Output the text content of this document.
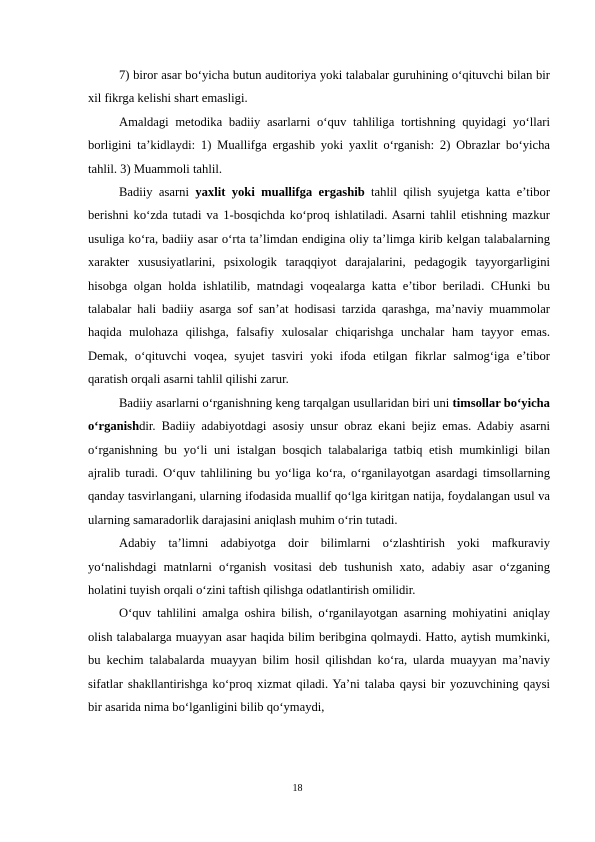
7) biror asar bo‘yicha butun auditoriya yoki talabalar guruhining o‘qituvchi bilan bir xil fikrga kelishi shart emasligi.

Amaldagi metodika badiiy asarlarni o‘quv tahliliga tortishning quyidagi yo‘llari borligini ta’kidlaydi: 1) Muallifga ergashib yoki yaxlit o‘rganish: 2) Obrazlar bo‘yicha tahlil. 3) Muammoli tahlil.

Badiiy asarni yaxlit yoki muallifga ergashib tahlil qilish syujetga katta e’tibor berishni ko‘zda tutadi va 1-bosqichda ko‘proq ishlatiladi. Asarni tahlil etishning mazkur usuliga ko‘ra, badiiy asar o‘rta ta’limdan endigina oliy ta’limga kirib kelgan talabalarning xarakter xususiyatlarini, psixologik taraqqiyot darajalarini, pedagogik tayyorgarligini hisobga olgan holda ishlatilib, matndagi voqealarga katta e’tibor beriladi. CHunki bu talabalar hali badiiy asarga sof san’at hodisasi tarzida qarashga, ma’naviy muammolar haqida mulohaza qilishga, falsafiy xulosalar chiqarishga unchalar ham tayyor emas. Demak, o‘qituvchi voqea, syujet tasviri yoki ifoda etilgan fikrlar salmog‘iga e’tibor qaratish orqali asarni tahlil qilishi zarur.

Badiiy asarlarni o‘rganishning keng tarqalgan usullaridan biri uni timsollar bo‘yicha o‘rganishdir. Badiiy adabiyotdagi asosiy unsur obraz ekani bejiz emas. Adabiy asarni o‘rganishning bu yo‘li uni istalgan bosqich talabalariga tatbiq etish mumkinligi bilan ajralib turadi. O‘quv tahlilining bu yo‘liga ko‘ra, o‘rganilayotgan asardagi timsollarning qanday tasvirlangani, ularning ifodasida muallif qo‘lga kiritgan natija, foydalangan usul va ularning samaradorlik darajasini aniqlash muhim o‘rin tutadi.

Adabiy ta’limni adabiyotga doir bilimlarni o‘zlashtirish yoki mafkuraviy yo‘nalishdagi matnlarni o‘rganish vositasi deb tushunish xato, adabiy asar o‘zganing holatini tuyish orqali o‘zini taftish qilishga odatlantirish omilidir.

O‘quv tahlilini amalga oshira bilish, o‘rganilayotgan asarning mohiyatini aniqlay olish talabalarga muayyan asar haqida bilim beribgina qolmaydi. Hatto, aytish mumkinki, bu kechim talabalarda muayyan bilim hosil qilishdan ko‘ra, ularda muayyan ma’naviy sifatlar shakllantirishga ko‘proq xizmat qiladi. Ya’ni talaba qaysi bir yozuvchining qaysi bir asarida nima bo‘lganligini bilib qo‘ymaydi,

18
